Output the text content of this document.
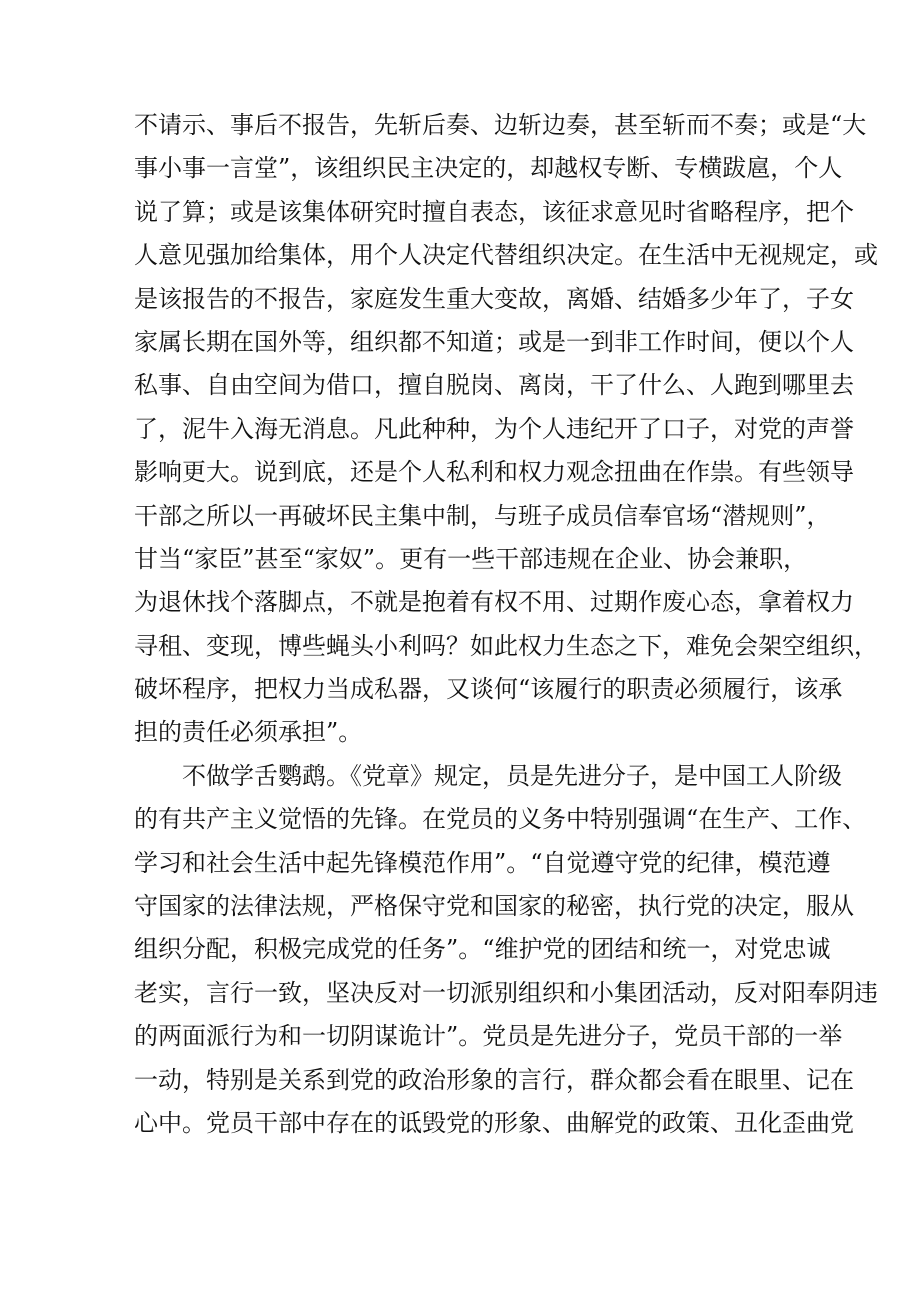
不请示、事后不报告，先斩后奏、边斩边奏，甚至斩而不奏；或是“大
事小事一言堂”，该组织民主决定的，却越权专断、专横跋扈，个人
说了算；或是该集体研究时擅自表态，该征求意见时省略程序，把个
人意见强加给集体，用个人决定代替组织决定。在生活中无视规定，或
是该报告的不报告，家庭发生重大变故，离婚、结婚多少年了，子女
家属长期在国外等，组织都不知道；或是一到非工作时间，便以个人
私事、自由空间为借口，擅自脱岗、离岗，干了什么、人跑到哪里去
了，泥牛入海无消息。凡此种种，为个人违纪开了口子，对党的声誉
影响更大。说到底，还是个人私利和权力观念扭曲在作祟。有些领导
干部之所以一再破坏民主集中制，与班子成员信奉官场“潜规则”，
甘当“家臣”甚至“家奴”。更有一些干部违规在企业、协会兼职，
为退休找个落脚点，不就是抱着有权不用、过期作废心态，拿着权力
寻租、变现，博些蝇头小利吗？如此权力生态之下，难免会架空组织，
破坏程序，把权力当成私器，又谈何“该履行的职责必须履行，该承
担的责任必须承担”。
不做学舌鹦鹉。《党章》规定，员是先进分子，是中国工人阶级
的有共产主义觉悟的先锋。在党员的义务中特别强调“在生产、工作、
学习和社会生活中起先锋模范作用”。“自觉遵守党的纪律，模范遵
守国家的法律法规，严格保守党和国家的秘密，执行党的决定，服从
组织分配，积极完成党的任务”。“维护党的团结和统一，对党忠诚
老实，言行一致，坚决反对一切派别组织和小集团活动，反对阳奉阴违
的两面派行为和一切阴谋诡计”。党员是先进分子，党员干部的一举
一动，特别是关系到党的政治形象的言行，群众都会看在眼里、记在
心中。党员干部中存在的诋毁党的形象、曲解党的政策、丑化歪曲党
